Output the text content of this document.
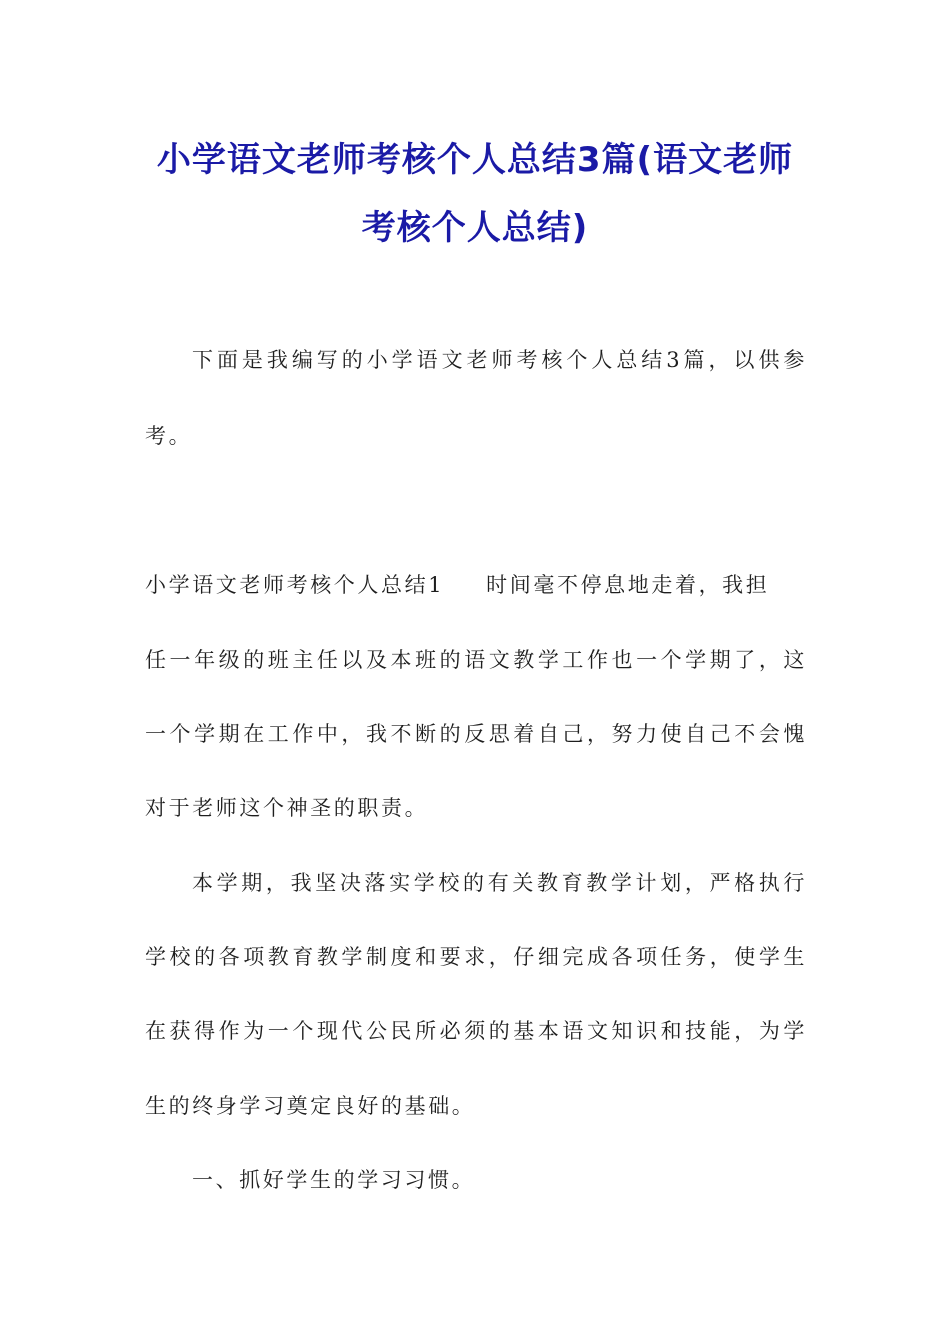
小学语文老师考核个人总结3篇(语文老师
考核个人总结)
下面是我编写的小学语文老师考核个人总结3篇，以供参
考。
小学语文老师考核个人总结1 时间毫不停息地走着，我担
任一年级的班主任以及本班的语文教学工作也一个学期了，这
一个学期在工作中，我不断的反思着自己，努力使自己不会愧
对于老师这个神圣的职责。
本学期，我坚决落实学校的有关教育教学计划，严格执行
学校的各项教育教学制度和要求，仔细完成各项任务，使学生
在获得作为一个现代公民所必须的基本语文知识和技能，为学
生的终身学习奠定良好的基础。
一、抓好学生的学习习惯。
